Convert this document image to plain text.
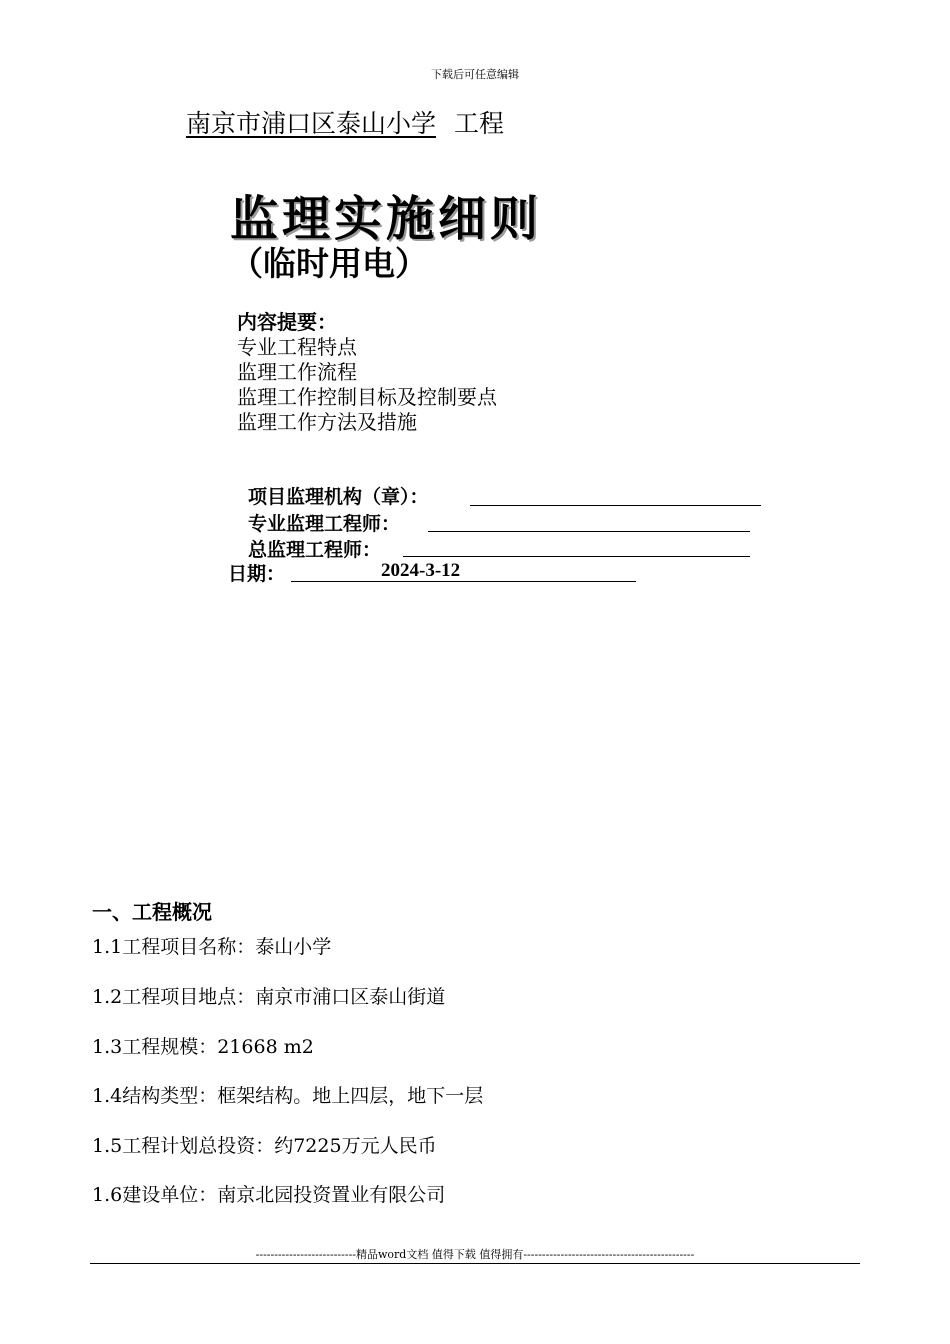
下载后可任意编辑
南京市浦口区泰山小学 工程
监理实施细则
（临时用电）
内容提要：
专业工程特点
监理工作流程
监理工作控制目标及控制要点
监理工作方法及措施
项目监理机构（章）：
专业监理工程师：
总监理工程师：
日期：	2024-3-12
一、工程概况
1.1工程项目名称：泰山小学
1.2工程项目地点：南京市浦口区泰山街道
1.3工程规模：21668 m2
1.4结构类型：框架结构。地上四层，地下一层
1.5工程计划总投资：约7225万元人民币
1.6建设单位：南京北园投资置业有限公司
---------------------------精品word文档 值得下载 值得拥有----------------------------------------------
